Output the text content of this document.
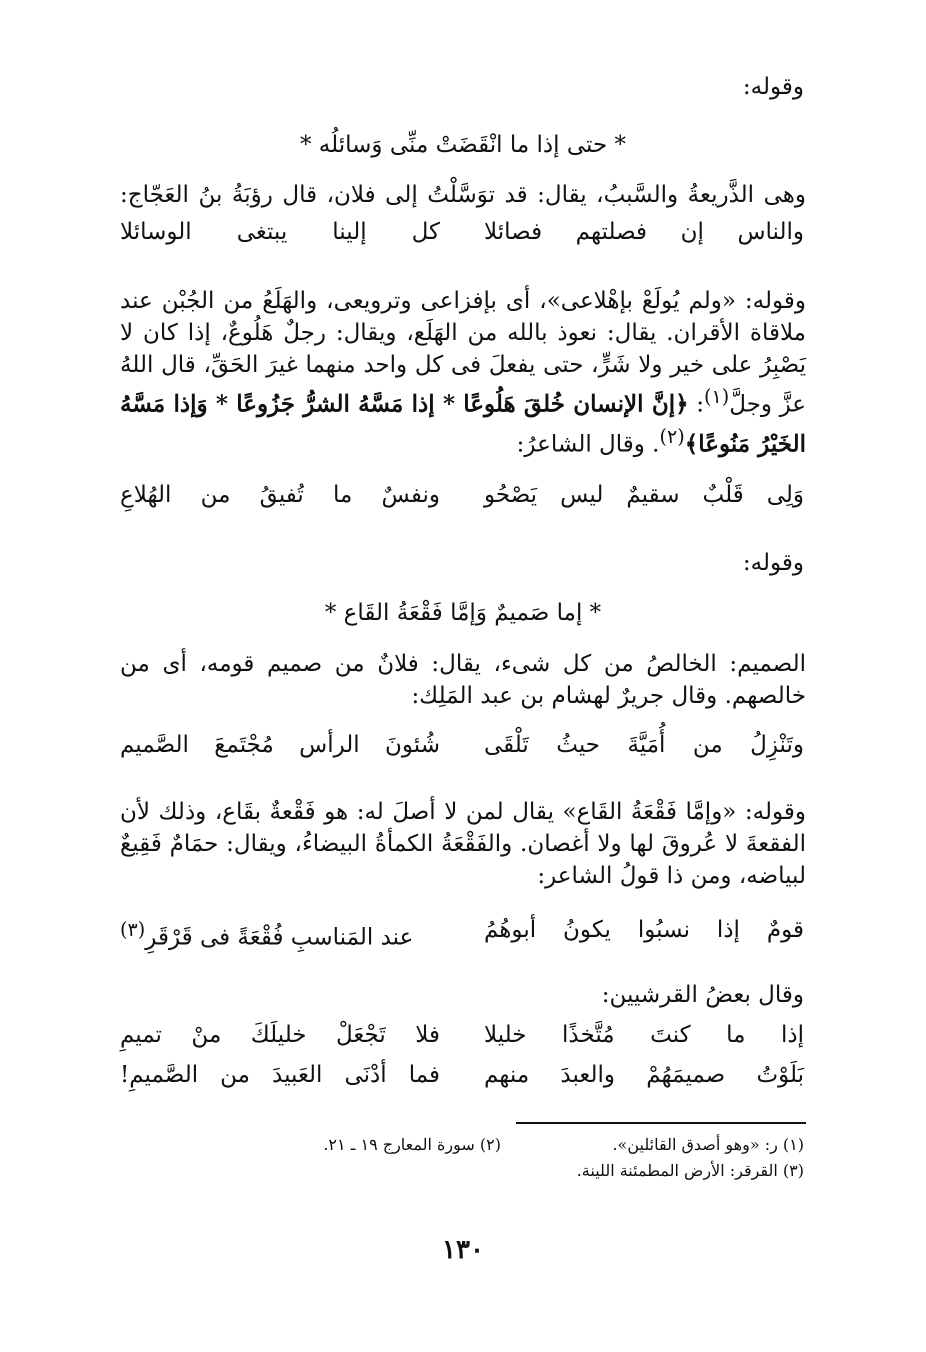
وقوله:
* حتى إذا ما انْقَضَتْ منِّى وَسائلُه *
وهى الذَّريعةُ والسَّببُ، يقال: قد توَسَّلْتُ إلى فلان، قال رؤبَةُ بنُ العَجّاج:
والناس إن فصلتهم فصائلا
كل إلينا يبتغى الوسائلا
وقوله: «ولم يُولَعْ بإهْلاعى»، أى بإفزاعى وترويعى، والهَلَعُ من الجُبْن عند ملاقاة الأقران. يقال: نعوذ بالله من الهَلَع، ويقال: رجلٌ هَلُوعٌ، إذا كان لا يَصْبِرُ على خير ولا شَرٍّ، حتى يفعلَ فى كل واحد منهما غيرَ الحَقِّ، قال اللهُ عزَّ وجلَّ$^{(١)}$: ﴿إنَّ الإنسان خُلقَ هَلُوعًا * إذا مَسَّهُ الشرُّ جَزُوعًا * وَإذا مَسَّهُ الخَيْرُ مَنُوعًا﴾$^{(٢)}$. وقال الشاعرُ:
وَلِى قَلْبٌ سقيمٌ ليس يَصْحُو
ونفسٌ ما تُفيقُ من الهُلاعِ
وقوله:
* إما صَميمٌ وَإمَّا فَقْعَةُ القَاع *
الصميم: الخالصُ من كل شىء، يقال: فلانٌ من صميم قومه، أى من خالصهم. وقال جريرٌ لهشام بن عبد المَلِك:
وتَنْزِلُ من أُمَيَّةَ حيثُ تَلْقَى
شُئونَ الرأس مُجْتَمعَ الصَّميم
وقوله: «وإمَّا فَقْعَةُ القَاع» يقال لمن لا أصلَ له: هو فَقْعةٌ بقَاع، وذلك لأن الفقعةَ لا عُروقَ لها ولا أغصان. والفَقْعَةُ الكمأةُ البيضاءُ، ويقال: حمَامٌ فَقِيعٌ لبياضه، ومن ذا قولُ الشاعر:
قومٌ إذا نسبُوا يكونُ أبوهُمُ
عند المَناسبِ فُقْعَةً فى قَرْقَرِ$^{(٣)}$
وقال بعضُ القرشيين:
إذا ما كنتَ مُتَّخذًا خليلا
فلا تَجْعَلْ خليلَكَ منْ تميمِ
بَلَوْتُ صميمَهُمْ والعبدَ منهم
فما أدْنَى العَبيدَ من الصَّميمِ!
(١) ر: «وهو أصدق القائلين».
(٢) سورة المعارج ١٩ ـ ٢١.
(٣) القرقر: الأرض المطمئنة اللينة.
١٣٠
